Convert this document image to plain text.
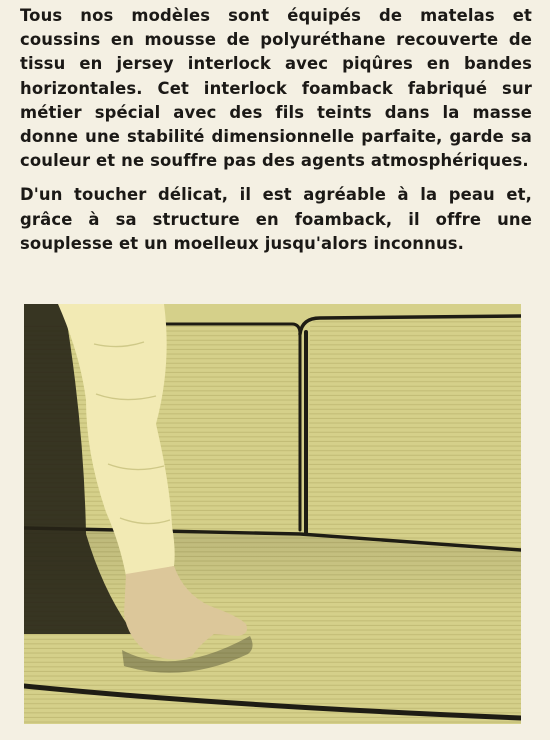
Tous nos modèles sont équipés de matelas et coussins en mousse de polyuréthane recouverte de tissu en jersey interlock avec piqûres en bandes horizontales. Cet interlock foamback fabriqué sur métier spécial avec des fils teints dans la masse donne une stabilité dimensionnelle parfaite, garde sa couleur et ne souffre pas des agents atmosphériques.

D'un toucher délicat, il est agréable à la peau et, grâce à sa structure en foamback, il offre une souplesse et un moelleux jusqu'alors inconnus.
